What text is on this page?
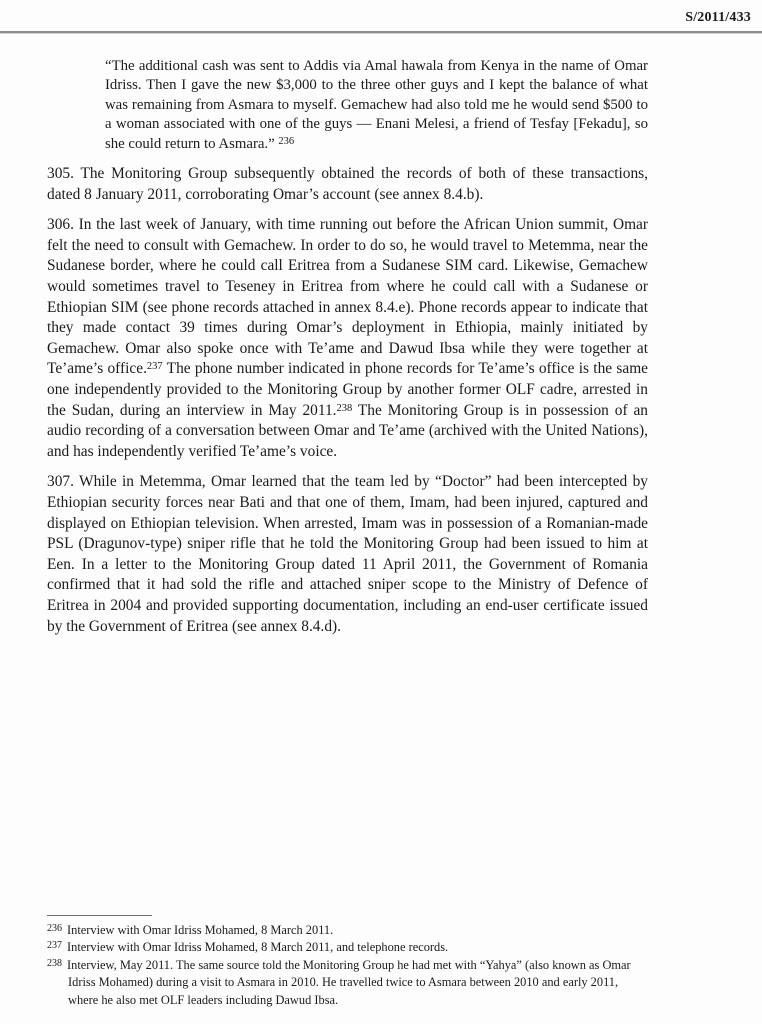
S/2011/433
“The additional cash was sent to Addis via Amal hawala from Kenya in the name of Omar Idriss. Then I gave the new $3,000 to the three other guys and I kept the balance of what was remaining from Asmara to myself. Gemachew had also told me he would send $500 to a woman associated with one of the guys — Enani Melesi, a friend of Tesfay [Fekadu], so she could return to Asmara.” $^{236}$

305. The Monitoring Group subsequently obtained the records of both of these transactions, dated 8 January 2011, corroborating Omar’s account (see annex 8.4.b).

306. In the last week of January, with time running out before the African Union summit, Omar felt the need to consult with Gemachew. In order to do so, he would travel to Metemma, near the Sudanese border, where he could call Eritrea from a Sudanese SIM card. Likewise, Gemachew would sometimes travel to Teseney in Eritrea from where he could call with a Sudanese or Ethiopian SIM (see phone records attached in annex 8.4.e). Phone records appear to indicate that they made contact 39 times during Omar’s deployment in Ethiopia, mainly initiated by Gemachew. Omar also spoke once with Te’ame and Dawud Ibsa while they were together at Te’ame’s office.$^{237}$ The phone number indicated in phone records for Te’ame’s office is the same one independently provided to the Monitoring Group by another former OLF cadre, arrested in the Sudan, during an interview in May 2011.$^{238}$ The Monitoring Group is in possession of an audio recording of a conversation between Omar and Te’ame (archived with the United Nations), and has independently verified Te’ame’s voice.

307. While in Metemma, Omar learned that the team led by “Doctor” had been intercepted by Ethiopian security forces near Bati and that one of them, Imam, had been injured, captured and displayed on Ethiopian television. When arrested, Imam was in possession of a Romanian-made PSL (Dragunov-type) sniper rifle that he told the Monitoring Group had been issued to him at Een. In a letter to the Monitoring Group dated 11 April 2011, the Government of Romania confirmed that it had sold the rifle and attached sniper scope to the Ministry of Defence of Eritrea in 2004 and provided supporting documentation, including an end-user certificate issued by the Government of Eritrea (see annex 8.4.d).

$^{236}$ Interview with Omar Idriss Mohamed, 8 March 2011.
$^{237}$ Interview with Omar Idriss Mohamed, 8 March 2011, and telephone records.
$^{238}$ Interview, May 2011. The same source told the Monitoring Group he had met with “Yahya” (also known as Omar Idriss Mohamed) during a visit to Asmara in 2010. He travelled twice to Asmara between 2010 and early 2011, where he also met OLF leaders including Dawud Ibsa.
